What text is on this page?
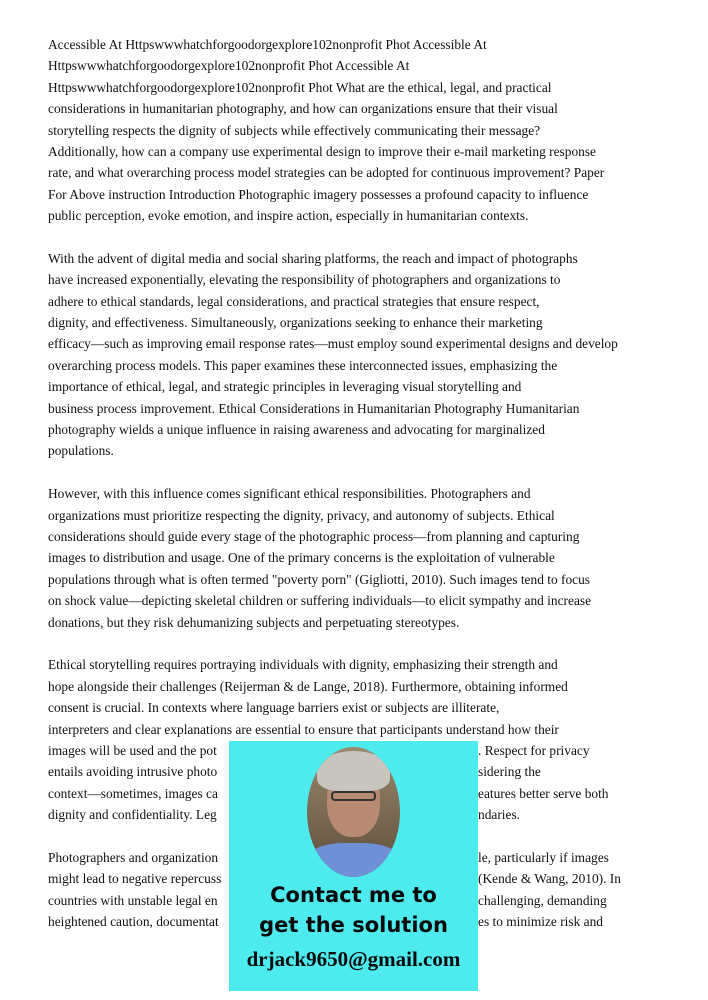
Accessible At Httpswwwhatchforgoodorgexplore102nonprofit Phot Accessible At
Httpswwwhatchforgoodorgexplore102nonprofit Phot Accessible At
Httpswwwhatchforgoodorgexplore102nonprofit Phot What are the ethical, legal, and practical
considerations in humanitarian photography, and how can organizations ensure that their visual
storytelling respects the dignity of subjects while effectively communicating their message?
Additionally, how can a company use experimental design to improve their e-mail marketing response
rate, and what overarching process model strategies can be adopted for continuous improvement? Paper
For Above instruction Introduction Photographic imagery possesses a profound capacity to influence
public perception, evoke emotion, and inspire action, especially in humanitarian contexts.
With the advent of digital media and social sharing platforms, the reach and impact of photographs
have increased exponentially, elevating the responsibility of photographers and organizations to
adhere to ethical standards, legal considerations, and practical strategies that ensure respect,
dignity, and effectiveness. Simultaneously, organizations seeking to enhance their marketing
efficacy—such as improving email response rates—must employ sound experimental designs and develop
overarching process models. This paper examines these interconnected issues, emphasizing the
importance of ethical, legal, and strategic principles in leveraging visual storytelling and
business process improvement. Ethical Considerations in Humanitarian Photography Humanitarian
photography wields a unique influence in raising awareness and advocating for marginalized
populations.
However, with this influence comes significant ethical responsibilities. Photographers and
organizations must prioritize respecting the dignity, privacy, and autonomy of subjects. Ethical
considerations should guide every stage of the photographic process—from planning and capturing
images to distribution and usage. One of the primary concerns is the exploitation of vulnerable
populations through what is often termed "poverty porn" (Gigliotti, 2010). Such images tend to focus
on shock value—depicting skeletal children or suffering individuals—to elicit sympathy and increase
donations, but they risk dehumanizing subjects and perpetuating stereotypes.
Ethical storytelling requires portraying individuals with dignity, emphasizing their strength and
hope alongside their challenges (Reijerman & de Lange, 2018). Furthermore, obtaining informed
consent is crucial. In contexts where language barriers exist or subjects are illiterate,
interpreters and clear explanations are essential to ensure that participants understand how their
images will be used and the pot	. Respect for privacy
entails avoiding intrusive photo	sidering the
context—sometimes, images ca	eatures better serve both
dignity and confidentiality. Leg	ndaries.
Photographers and organization	le, particularly if images
might lead to negative repercuss	(Kende & Wang, 2010). In
countries with unstable legal en	challenging, demanding
heightened caution, documentat	es to minimize risk and
Contact me to
get the solution
drjack9650@gmail.com
